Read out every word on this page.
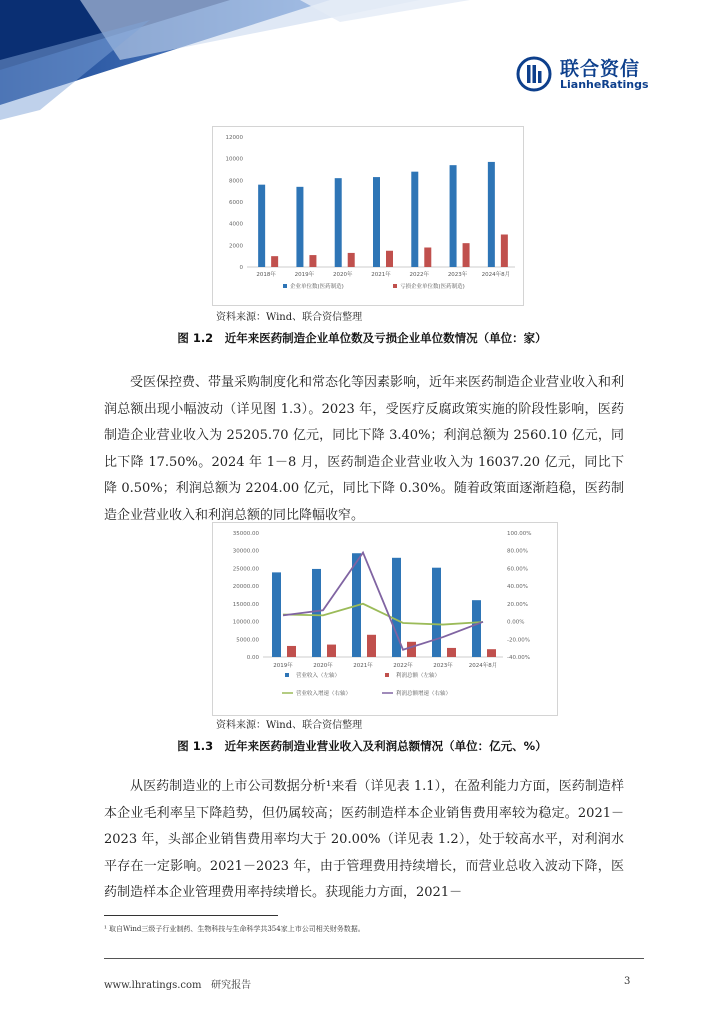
联合资信
LianheRatings
12000
10000
8000
6000
4000
2000
0
2018年	2019年	2020年	2021年	2022年	2023年	2024年8月
企业单位数(医药制造)	亏损企业单位数(医药制造)
资料来源：Wind、联合资信整理
图 1.2　近年来医药制造企业单位数及亏损企业单位数情况（单位：家）

受医保控费、带量采购制度化和常态化等因素影响，近年来医药制造企业营业收入和利润总额出现小幅波动（详见图 1.3）。2023 年，受医疗反腐政策实施的阶段性影响，医药制造企业营业收入为 25205.70 亿元，同比下降 3.40%；利润总额为 2560.10 亿元，同比下降 17.50%。2024 年 1－8 月，医药制造企业营业收入为 16037.20 亿元，同比下降 0.50%；利润总额为 2204.00 亿元，同比下降 0.30%。随着政策面逐渐趋稳，医药制造企业营业收入和利润总额的同比降幅收窄。

35000.00
30000.00
25000.00
20000.00
15000.00
10000.00
5000.00
0.00
100.00%
80.00%
60.00%
40.00%
20.00%
0.00%
-20.00%
-40.00%
2019年	2020年	2021年	2022年	2023年	2024年8月
营业收入（左轴）	利润总额（左轴）
营业收入增速（右轴）	利润总额增速（右轴）
资料来源：Wind、联合资信整理
图 1.3　近年来医药制造业营业收入及利润总额情况（单位：亿元、%）

从医药制造业的上市公司数据分析¹来看（详见表 1.1），在盈利能力方面，医药制造样本企业毛利率呈下降趋势，但仍属较高；医药制造样本企业销售费用率较为稳定。2021－2023 年，头部企业销售费用率均大于 20.00%（详见表 1.2），处于较高水平，对利润水平存在一定影响。2021－2023 年，由于管理费用持续增长，而营业总收入波动下降，医药制造样本企业管理费用率持续增长。获现能力方面，2021－

¹ 取自Wind三级子行业制药、生物科技与生命科学共354家上市公司相关财务数据。
www.lhratings.com 研究报告	3
